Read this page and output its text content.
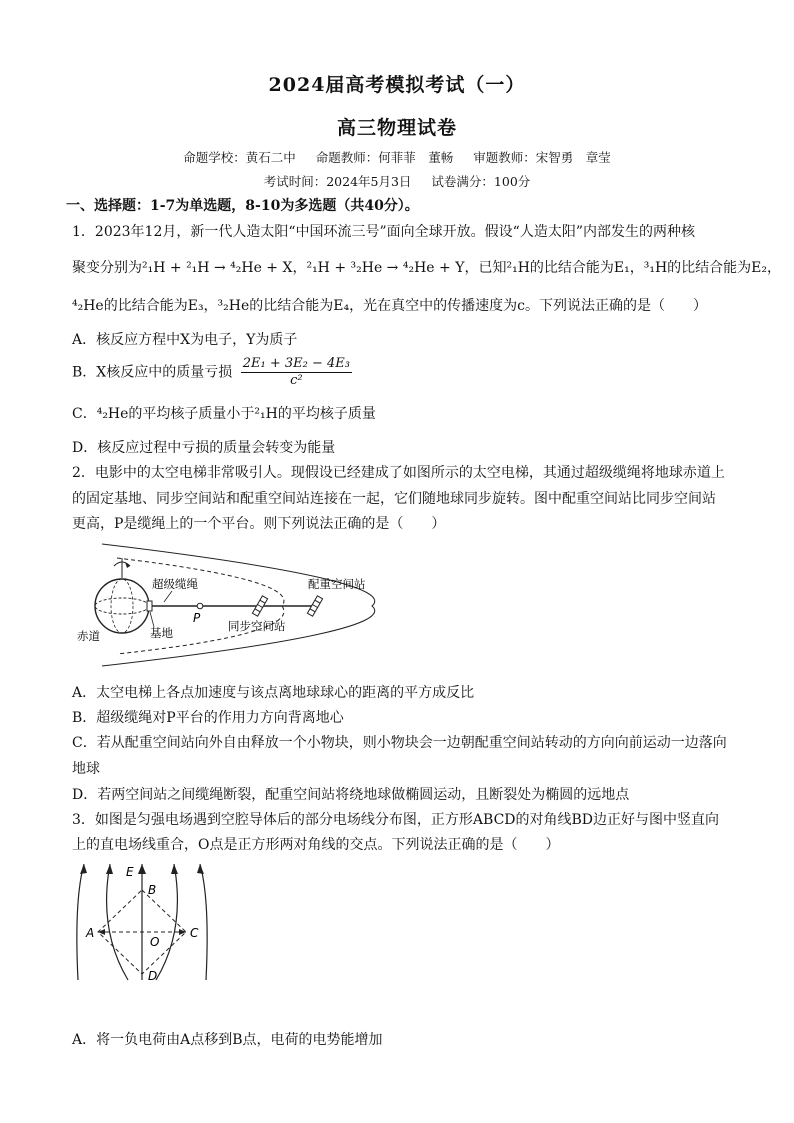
2024届高考模拟考试（一）
高三物理试卷
命题学校：黄石二中 命题教师：何菲菲　董畅 审题教师：宋智勇　章莹
考试时间：2024年5月3日 试卷满分：100分
一、选择题：1-7为单选题，8-10为多选题（共40分）。
1．2023年12月，新一代人造太阳“中国环流三号”面向全球开放。假设“人造太阳”内部发生的两种核
聚变分别为²₁H + ²₁H → ⁴₂He + X，²₁H + ³₂He → ⁴₂He + Y，已知²₁H的比结合能为E₁，³₁H的比结合能为E₂，
⁴₂He的比结合能为E₃，³₂He的比结合能为E₄，光在真空中的传播速度为c。下列说法正确的是（　　）
A．核反应方程中X为电子，Y为质子
B．X核反应中的质量亏损 $\frac{\text{2E₁ + 3E₂ − 4E₃}}{\text{c²}}$
C．⁴₂He的平均核子质量小于²₁H的平均核子质量
D．核反应过程中亏损的质量会转变为能量
2．电影中的太空电梯非常吸引人。现假设已经建成了如图所示的太空电梯，其通过超级缆绳将地球赤道上
的固定基地、同步空间站和配重空间站连接在一起，它们随地球同步旋转。图中配重空间站比同步空间站
更高，P是缆绳上的一个平台。则下列说法正确的是（　　）
超级缆绳	配重空间站
P
同步空间站
赤道	基地
A．太空电梯上各点加速度与该点离地球球心的距离的平方成反比
B．超级缆绳对P平台的作用力方向背离地心
C．若从配重空间站向外自由释放一个小物块，则小物块会一边朝配重空间站转动的方向向前运动一边落向
地球
D．若两空间站之间缆绳断裂，配重空间站将绕地球做椭圆运动，且断裂处为椭圆的远地点
3．如图是匀强电场遇到空腔导体后的部分电场线分布图，正方形ABCD的对角线BD边正好与图中竖直向
上的直电场线重合，O点是正方形两对角线的交点。下列说法正确的是（　　）
E
B
A	C
O
D
A．将一负电荷由A点移到B点，电荷的电势能增加
